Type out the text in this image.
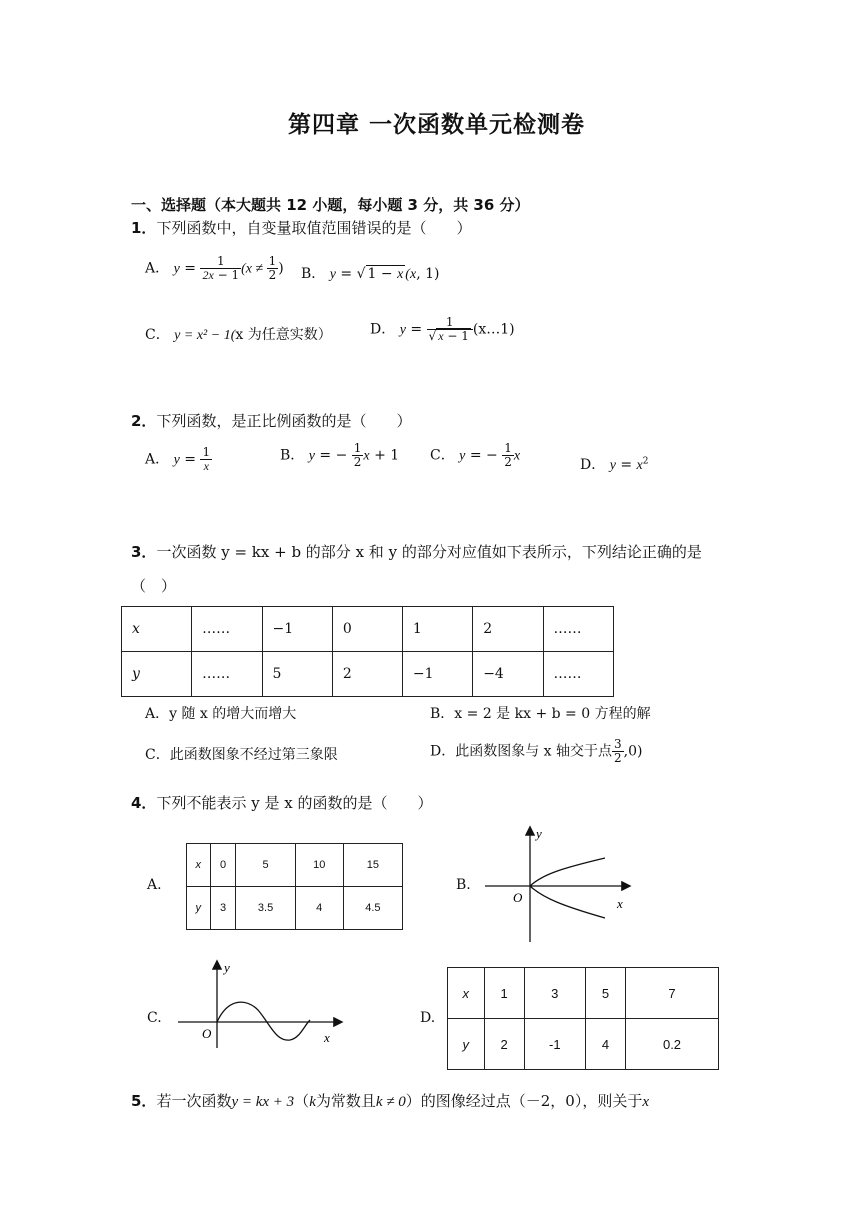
第四章 一次函数单元检测卷
一、选择题（本大题共 12 小题，每小题 3 分，共 36 分）
1．下列函数中，自变量取值范围错误的是（　　）
A． $y = \frac{1}{2x - 1} (x \ne \frac{1}{2}$ ) B． y = √ 1 − x (x, 1)
C． y = x² − 1(x 为任意实数）	D． $y = \frac{1}{√ x - 1}$ (x…1)
2．下列函数，是正比例函数的是（　　）
A． $y = \frac{1}{x}$	B． y = − $\frac{1}{2}$ x + 1 C． y = − $\frac{1}{2}$ x
D． $y = x^2$
3．一次函数 y = kx + b 的部分 x 和 y 的部分对应值如下表所示，下列结论正确的是
（　）
x	……	−1	0	1	2	……
y	……	5	2	−1	−4	……
A．y 随 x 的增大而增大	B．x = 2 是 kx + b = 0 方程的解
C．此函数图象不经过第三象限	D．此函数图象与 x 轴交于点 $\frac{3}{2} ,0$)
4．下列不能表示 y 是 x 的函数的是（　　）
A.
x	0	5	10	15
y	3	3.5	4	4.5
B.
O	x
y
C.
O	x
y
D.
x	1	3	5	7
y	2	-1	4	0.2
5．若一次函数y = kx + 3（k为常数且k ≠ 0）的图像经过点（－2，0），则关于x
